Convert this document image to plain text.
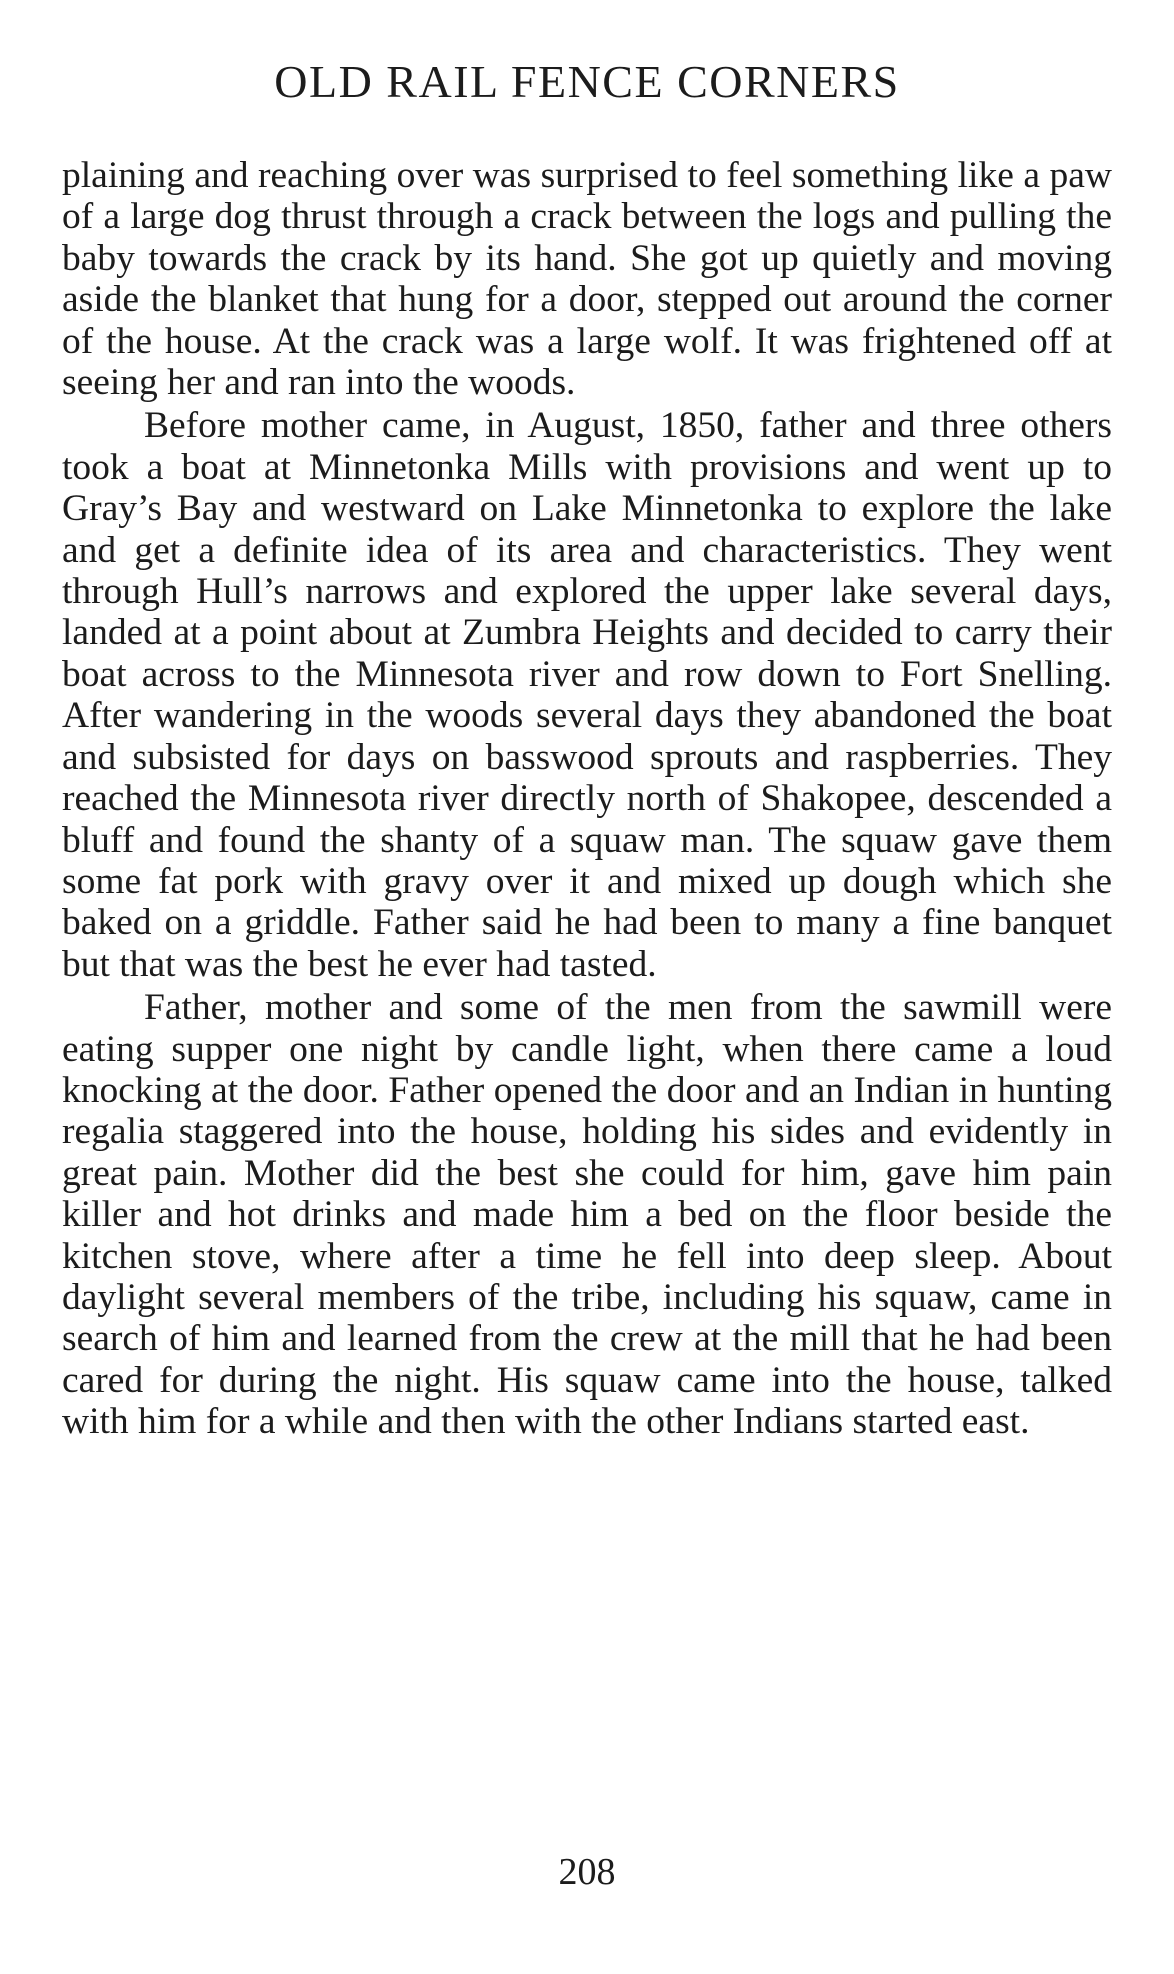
OLD RAIL FENCE CORNERS

plaining and reaching over was surprised to feel something like a paw of a large dog thrust through a crack between the logs and pulling the baby towards the crack by its hand. She got up quietly and moving aside the blanket that hung for a door, stepped out around the corner of the house. At the crack was a large wolf. It was frightened off at seeing her and ran into the woods.

Before mother came, in August, 1850, father and three others took a boat at Minnetonka Mills with provisions and went up to Gray’s Bay and westward on Lake Minnetonka to explore the lake and get a definite idea of its area and characteristics. They went through Hull’s narrows and explored the upper lake several days, landed at a point about at Zumbra Heights and decided to carry their boat across to the Minnesota river and row down to Fort Snelling. After wandering in the woods several days they abandoned the boat and subsisted for days on basswood sprouts and raspberries. They reached the Minnesota river directly north of Shakopee, descended a bluff and found the shanty of a squaw man. The squaw gave them some fat pork with gravy over it and mixed up dough which she baked on a griddle. Father said he had been to many a fine banquet but that was the best he ever had tasted.

Father, mother and some of the men from the sawmill were eating supper one night by candle light, when there came a loud knocking at the door. Father opened the door and an Indian in hunting regalia staggered into the house, holding his sides and evidently in great pain. Mother did the best she could for him, gave him pain killer and hot drinks and made him a bed on the floor beside the kitchen stove, where after a time he fell into deep sleep. About daylight several members of the tribe, including his squaw, came in search of him and learned from the crew at the mill that he had been cared for during the night. His squaw came into the house, talked with him for a while and then with the other Indians started east.

208
